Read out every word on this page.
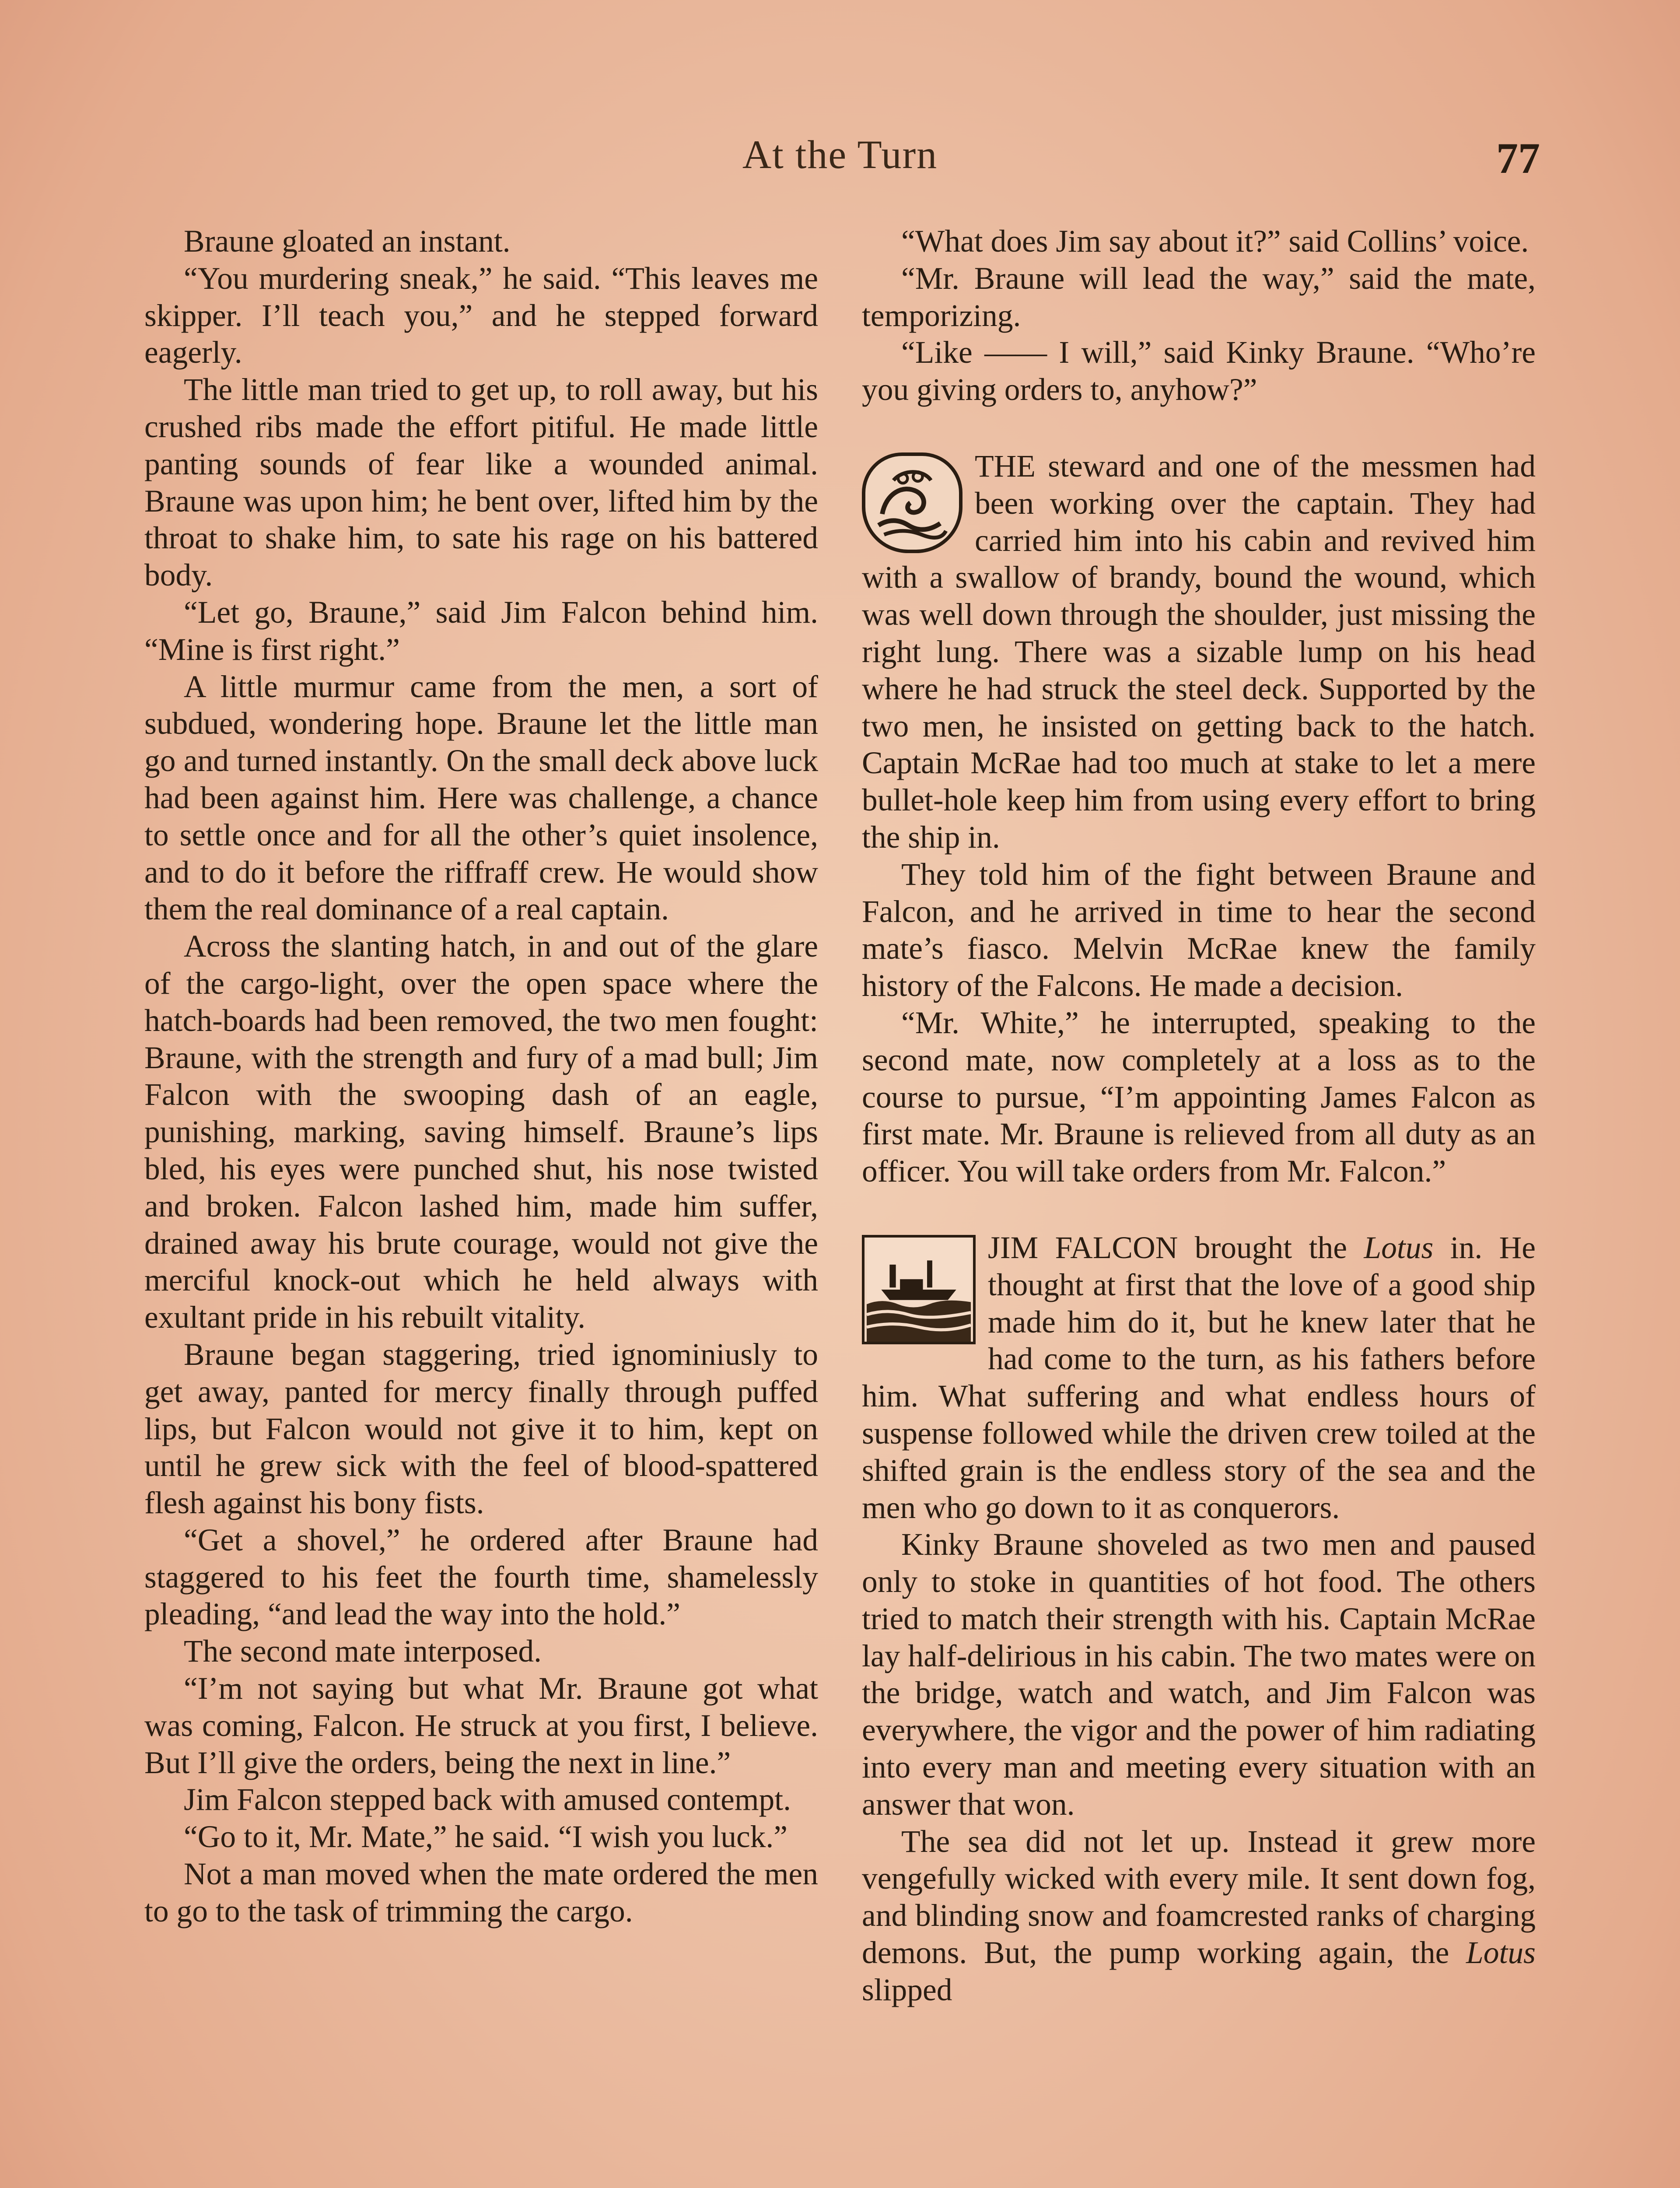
At the Turn	77

Braune gloated an instant.

“You murdering sneak,” he said. “This leaves me skipper. I’ll teach you,” and he stepped forward eagerly.

The little man tried to get up, to roll away, but his crushed ribs made the effort pitiful. He made little panting sounds of fear like a wounded animal. Braune was upon him; he bent over, lifted him by the throat to shake him, to sate his rage on his battered body.

“Let go, Braune,” said Jim Falcon behind him. “Mine is first right.”

A little murmur came from the men, a sort of subdued, wondering hope. Braune let the little man go and turned instantly. On the small deck above luck had been against him. Here was challenge, a chance to settle once and for all the other’s quiet insolence, and to do it before the riffraff crew. He would show them the real dominance of a real captain.

Across the slanting hatch, in and out of the glare of the cargo-light, over the open space where the hatch-boards had been removed, the two men fought: Braune, with the strength and fury of a mad bull; Jim Falcon with the swooping dash of an eagle, punishing, marking, saving himself. Braune’s lips bled, his eyes were punched shut, his nose twisted and broken. Falcon lashed him, made him suffer, drained away his brute courage, would not give the merciful knock-out which he held always with exultant pride in his rebuilt vitality.

Braune began staggering, tried ignominiusly to get away, panted for mercy finally through puffed lips, but Falcon would not give it to him, kept on until he grew sick with the feel of blood-spattered flesh against his bony fists.

“Get a shovel,” he ordered after Braune had staggered to his feet the fourth time, shamelessly pleading, “and lead the way into the hold.”

The second mate interposed.

“I’m not saying but what Mr. Braune got what was coming, Falcon. He struck at you first, I believe. But I’ll give the orders, being the next in line.”

Jim Falcon stepped back with amused contempt.

“Go to it, Mr. Mate,” he said. “I wish you luck.”

Not a man moved when the mate ordered the men to go to the task of trimming the cargo.

“What does Jim say about it?” said Collins’ voice.

“Mr. Braune will lead the way,” said the mate, temporizing.

“Like —— I will,” said Kinky Braune. “Who’re you giving orders to, anyhow?”

THE steward and one of the messmen had been working over the captain. They had carried him into his cabin and revived him with a swallow of brandy, bound the wound, which was well down through the shoulder, just missing the right lung. There was a sizable lump on his head where he had struck the steel deck. Supported by the two men, he insisted on getting back to the hatch. Captain McRae had too much at stake to let a mere bullet-hole keep him from using every effort to bring the ship in.

They told him of the fight between Braune and Falcon, and he arrived in time to hear the second mate’s fiasco. Melvin McRae knew the family history of the Falcons. He made a decision.

“Mr. White,” he interrupted, speaking to the second mate, now completely at a loss as to the course to pursue, “I’m appointing James Falcon as first mate. Mr. Braune is relieved from all duty as an officer. You will take orders from Mr. Falcon.”

JIM FALCON brought the Lotus in. He thought at first that the love of a good ship made him do it, but he knew later that he had come to the turn, as his fathers before him. What suffering and what endless hours of suspense followed while the driven crew toiled at the shifted grain is the endless story of the sea and the men who go down to it as conquerors.

Kinky Braune shoveled as two men and paused only to stoke in quantities of hot food. The others tried to match their strength with his. Captain McRae lay half-delirious in his cabin. The two mates were on the bridge, watch and watch, and Jim Falcon was everywhere, the vigor and the power of him radiating into every man and meeting every situation with an answer that won.

The sea did not let up. Instead it grew more vengefully wicked with every mile. It sent down fog, and blinding snow and foamcrested ranks of charging demons. But, the pump working again, the Lotus slipped
